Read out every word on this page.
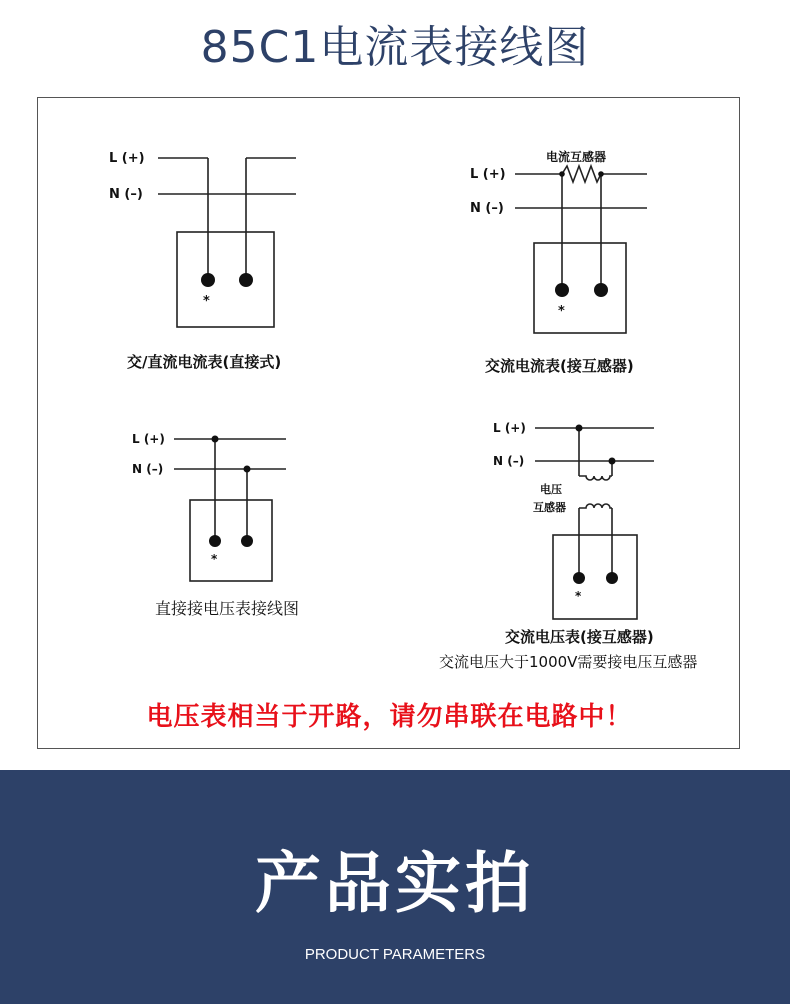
85C1电流表接线图
L (+)
N (–)
*
电流互感器
L (+)
N (–)
*
L (+)
N (–)
*
L (+)
N (–)
电压
互感器
*
交/直流电流表(直接式)	交流电流表(接互感器)
直接接电压表接线图
交流电压表(接互感器)
交流电压大于1000V需要接电压互感器
电压表相当于开路，请勿串联在电路中！
产品实拍
PRODUCT PARAMETERS
